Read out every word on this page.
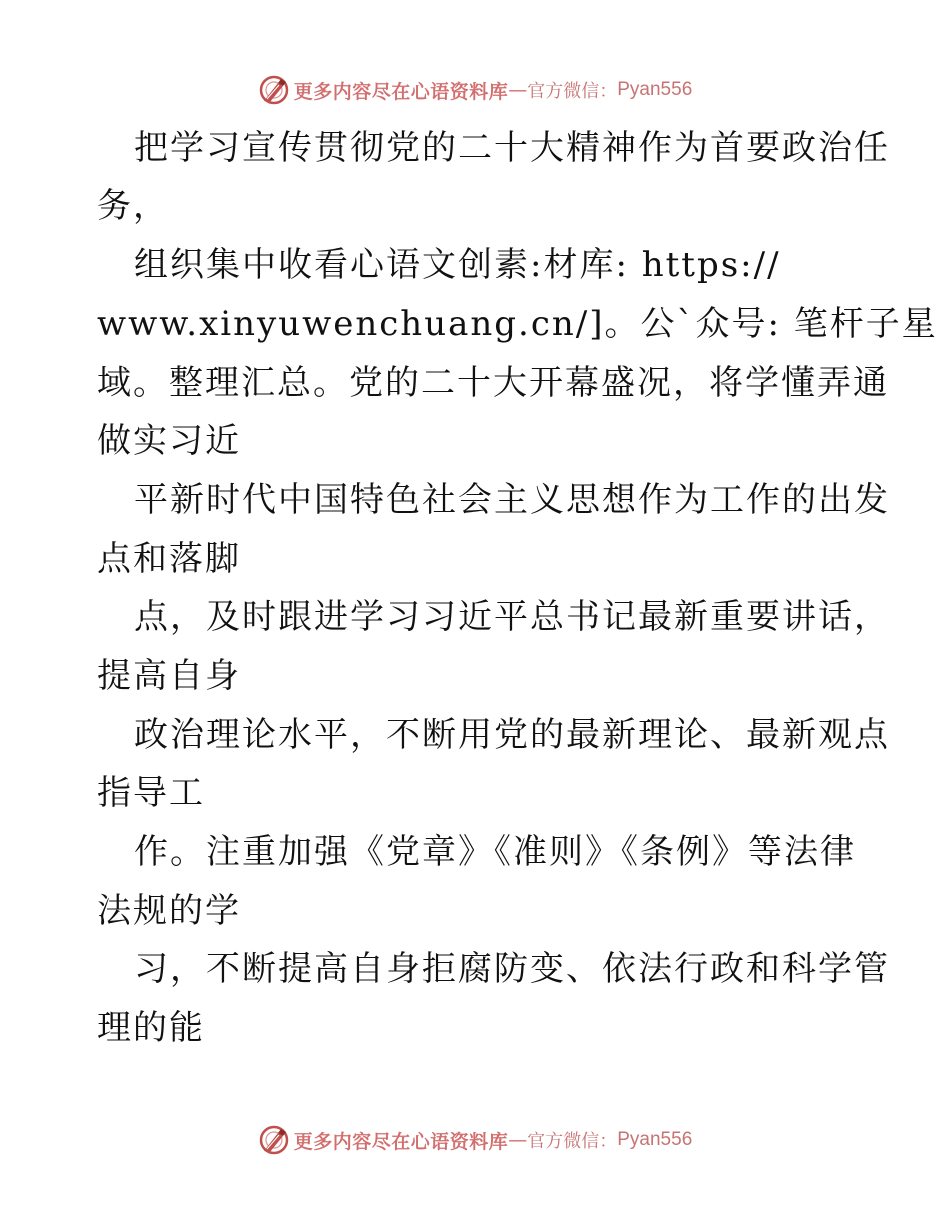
更多内容尽在心语资料库 — 官方微信： Pyan556
把学习宣传贯彻党的二十大精神作为首要政治任
务，
组织集中收看心语文创素:材库: https://
www.xinyuwenchuang.cn/]。公`众号: 笔杆子星
域。整理汇总。党的二十大开幕盛况，将学懂弄通
做实习近
平新时代中国特色社会主义思想作为工作的出发
点和落脚
点，及时跟进学习习近平总书记最新重要讲话，
提高自身
政治理论水平，不断用党的最新理论、最新观点
指导工
作。注重加强《党章》《准则》《条例》等法律
法规的学
习，不断提高自身拒腐防变、依法行政和科学管
理的能
更多内容尽在心语资料库 — 官方微信： Pyan556
